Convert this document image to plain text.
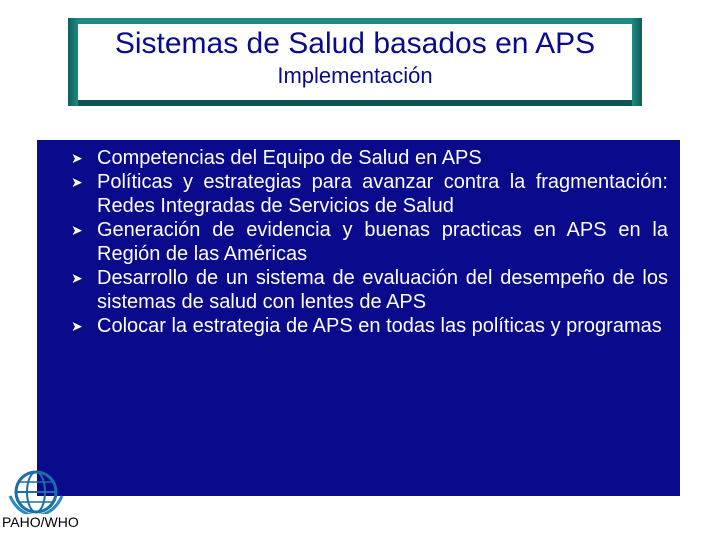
Sistemas de Salud basados en APS
Implementación
➤ Competencias del Equipo de Salud en APS
➤ Políticas y estrategias para avanzar contra la fragmentación: Redes Integradas de Servicios de Salud
➤ Generación de evidencia y buenas practicas en APS en la Región de las Américas
➤ Desarrollo de un sistema de evaluación del desempeño de los sistemas de salud con lentes de APS
➤ Colocar la estrategia de APS en todas las políticas y programas
PAHO/WHO
